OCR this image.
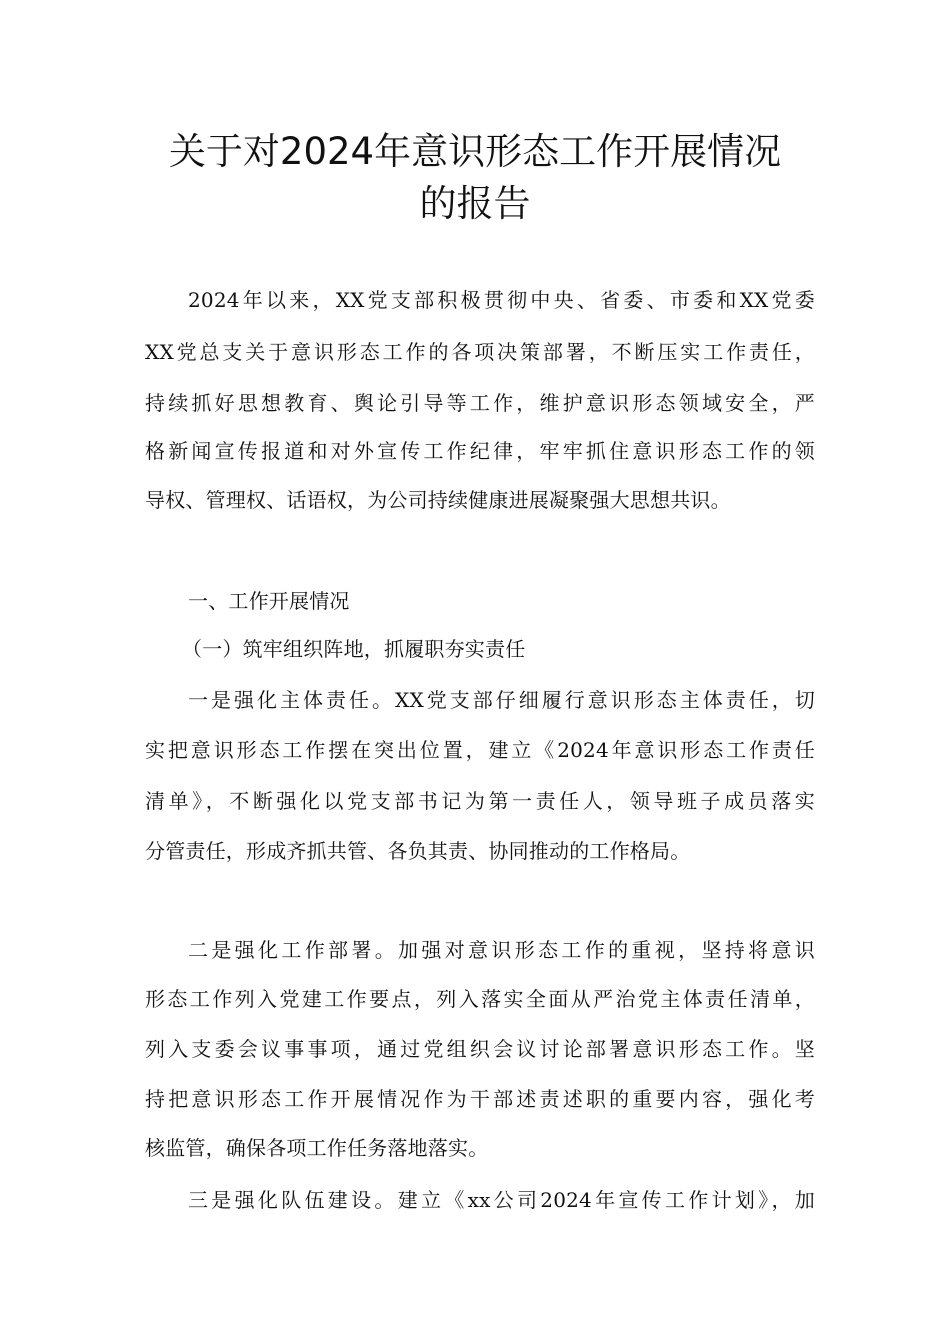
关于对2024年意识形态工作开展情况
的报告
2024年以来，XX党支部积极贯彻中央、省委、市委和XX党委
XX党总支关于意识形态工作的各项决策部署，不断压实工作责任，
持续抓好思想教育、舆论引导等工作，维护意识形态领域安全，严
格新闻宣传报道和对外宣传工作纪律，牢牢抓住意识形态工作的领
导权、管理权、话语权，为公司持续健康进展凝聚强大思想共识。
一、工作开展情况
（一）筑牢组织阵地，抓履职夯实责任
一是强化主体责任。XX党支部仔细履行意识形态主体责任，切
实把意识形态工作摆在突出位置，建立《2024年意识形态工作责任
清单》，不断强化以党支部书记为第一责任人，领导班子成员落实
分管责任，形成齐抓共管、各负其责、协同推动的工作格局。
二是强化工作部署。加强对意识形态工作的重视，坚持将意识
形态工作列入党建工作要点，列入落实全面从严治党主体责任清单，
列入支委会议事事项，通过党组织会议讨论部署意识形态工作。坚
持把意识形态工作开展情况作为干部述责述职的重要内容，强化考
核监管，确保各项工作任务落地落实。
三是强化队伍建设。建立《xx公司2024年宣传工作计划》，加
